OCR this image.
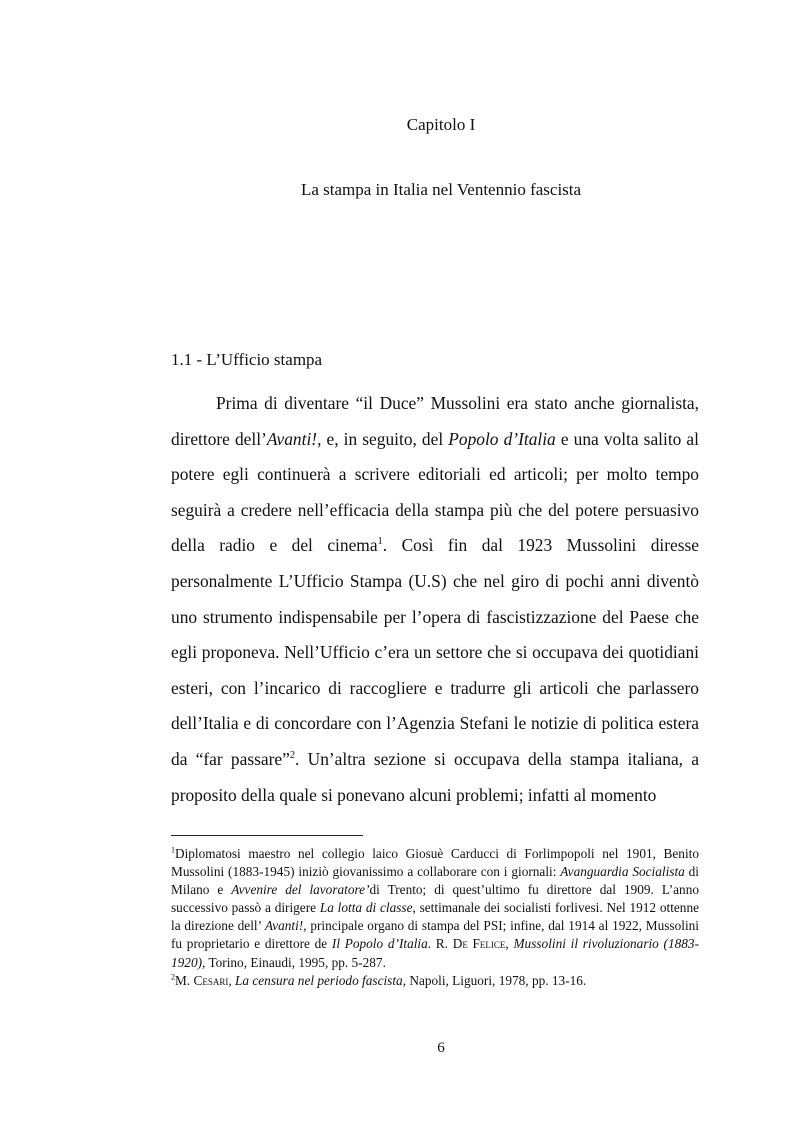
Capitolo I
La stampa in Italia nel Ventennio fascista
1.1 - L’Ufficio stampa

Prima di diventare “il Duce” Mussolini era stato anche giornalista, direttore dell’Avanti!, e, in seguito, del Popolo d’Italia e una volta salito al potere egli continuerà a scrivere editoriali ed articoli; per molto tempo seguirà a credere nell’efficacia della stampa più che del potere persuasivo della radio e del cinema$^1$. Così fin dal 1923 Mussolini diresse personalmente L’Ufficio Stampa (U.S) che nel giro di pochi anni diventò uno strumento indispensabile per l’opera di fascistizzazione del Paese che egli proponeva. Nell’Ufficio c’era un settore che si occupava dei quotidiani esteri, con l’incarico di raccogliere e tradurre gli articoli che parlassero dell’Italia e di concordare con l’Agenzia Stefani le notizie di politica estera da “far passare”$^2$. Un’altra sezione si occupava della stampa italiana, a proposito della quale si ponevano alcuni problemi; infatti al momento

$^1$Diplomatosi maestro nel collegio laico Giosuè Carducci di Forlimpopoli nel 1901, Benito Mussolini (1883-1945) iniziò giovanissimo a collaborare con i giornali: Avanguardia Socialista di Milano e Avvenire del lavoratore’di Trento; di quest’ultimo fu direttore dal 1909. L’anno successivo passò a dirigere La lotta di classe, settimanale dei socialisti forlivesi. Nel 1912 ottenne la direzione dell’ Avanti!, principale organo di stampa del PSI; infine, dal 1914 al 1922, Mussolini fu proprietario e direttore de Il Popolo d’Italia. R. De Felice, Mussolini il rivoluzionario (1883-1920), Torino, Einaudi, 1995, pp. 5-287.

$^2$M. Cesari, La censura nel periodo fascista, Napoli, Liguori, 1978, pp. 13-16.

6
